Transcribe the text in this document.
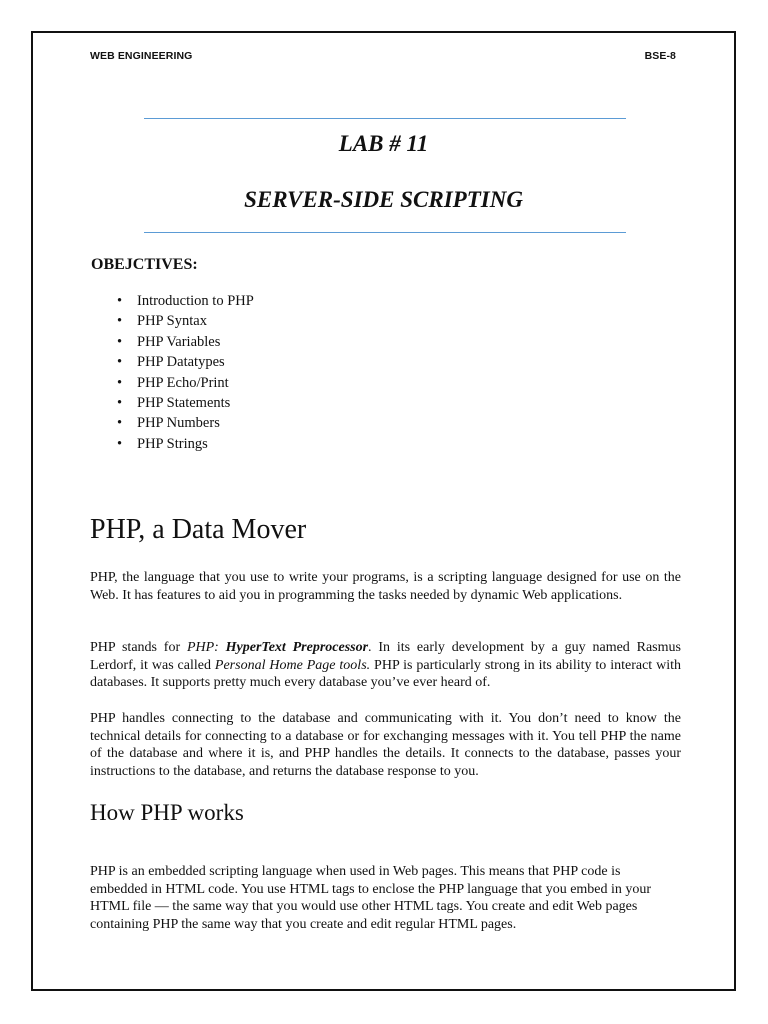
WEB ENGINEERING	BSE-8
LAB # 11
SERVER-SIDE SCRIPTING
OBEJCTIVES:
• Introduction to PHP
• PHP Syntax
• PHP Variables
• PHP Datatypes
• PHP Echo/Print
• PHP Statements
• PHP Numbers
• PHP Strings
PHP, a Data Mover
PHP, the language that you use to write your programs, is a scripting language designed for use on the Web. It has features to aid you in programming the tasks needed by dynamic Web applications.
PHP stands for PHP: HyperText Preprocessor. In its early development by a guy named Rasmus Lerdorf, it was called Personal Home Page tools. PHP is particularly strong in its ability to interact with databases. It supports pretty much every database you’ve ever heard of.
PHP handles connecting to the database and communicating with it. You don’t need to know the technical details for connecting to a database or for exchanging messages with it. You tell PHP the name of the database and where it is, and PHP handles the details. It connects to the database, passes your instructions to the database, and returns the database response to you.
How PHP works
PHP is an embedded scripting language when used in Web pages. This means that PHP code is embedded in HTML code. You use HTML tags to enclose the PHP language that you embed in your HTML file — the same way that you would use other HTML tags. You create and edit Web pages containing PHP the same way that you create and edit regular HTML pages.
